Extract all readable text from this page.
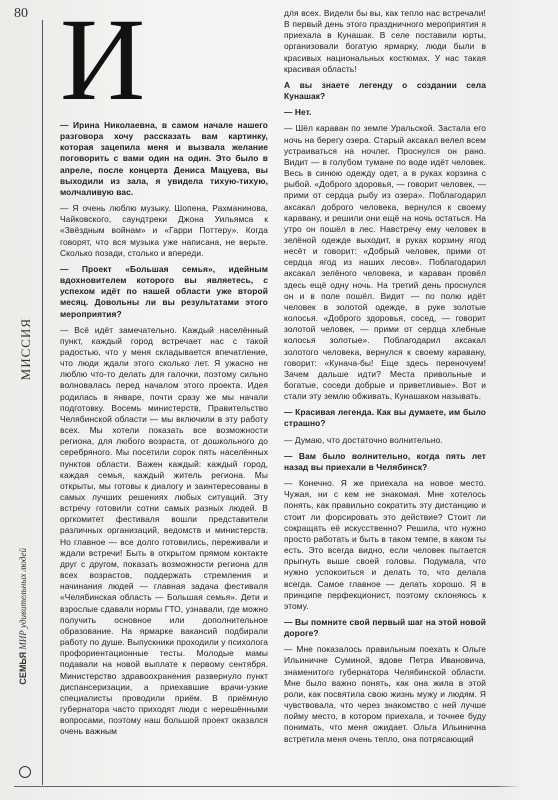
80
МИССИЯ
СЕМЬЯ МИР удивительных людей
И

— Ирина Николаевна, в самом начале нашего разговора хочу рассказать вам картинку, которая зацепила меня и вызвала желание поговорить с вами один на один. Это было в апреле, после концерта Дениса Мацуева, вы выходили из зала, я увидела тихую-тихую, молчаливую вас.

— Я очень люблю музыку. Шопена, Рахманинова, Чайковского, саундтреки Джона Уильямса к «Звёздным войнам» и «Гарри Поттеру». Когда говорят, что вся музыка уже написана, не верьте. Сколько позади, столько и впереди.

— Проект «Большая семья», идейным вдохновителем которого вы являетесь, с успехом идёт по нашей области уже второй месяц. Довольны ли вы результатами этого мероприятия?

— Всё идёт замечательно. Каждый населённый пункт, каждый город встречает нас с такой радостью, что у меня складывается впечатление, что люди ждали этого сколько лет. Я ужасно не люблю что-то делать для галочки, поэтому сильно волновалась перед началом этого проекта. Идея родилась в январе, почти сразу же мы начали подготовку. Восемь министерств, Правительство Челябинской области — мы включили в эту работу всех. Мы хотели показать все возможности региона, для любого возраста, от дошкольного до серебряного. Мы посетили сорок пять населённых пунктов области. Важен каждый: каждый город, каждая семья, каждый житель региона. Мы открыты, мы готовы к диалогу и заинтересованы в самых лучших решениях любых ситуаций. Эту встречу готовили сотни самых разных людей. В оргкомитет фестиваля вошли представители различных организаций, ведомств и министерств. Но главное — все долго готовились, переживали и ждали встречи! Быть в открытом прямом контакте друг с другом, показать возможности региона для всех возрастов, поддержать стремления и начинания людей — главная задача фестиваля «Челябинская область — Большая семья». Дети и взрослые сдавали нормы ГТО, узнавали, где можно получить основное или дополнительное образование. На ярмарке вакансий подбирали работу по душе. Выпускники проходили у психолога профориентационные тесты. Молодые мамы подавали на новой выплате к первому сентября. Министерство здравоохранения развернуло пункт диспансеризации, а приехавшие врачи-узкие специалисты проводили приём. В приёмную губернатора часто приходят люди с нерешёнными вопросами, поэтому наш большой проект оказался очень важным

для всех. Видели бы вы, как тепло нас встречали! В первый день этого праздничного мероприятия я приехала в Кунашак. В селе поставили юрты, организовали богатую ярмарку, люди были в красивых национальных костюмах. У нас такая красивая область!

А вы знаете легенду о создании села Кунашак?

— Нет.

— Шёл караван по земле Уральской. Застала его ночь на берегу озера. Старый аксакал велел всем устраиваться на ночлег. Проснулся он рано. Видит — в голубом тумане по воде идёт человек. Весь в синюю одежду одет, а в руках корзина с рыбой. «Доброго здоровья, — говорит человек, — прими от сердца рыбу из озера». Поблагодарил аксакал доброго человека, вернулся к своему каравану, и решили они ещё на ночь остаться. На утро он пошёл в лес. Навстречу ему человек в зелёной одежде выходит, в руках корзину ягод несёт и говорит: «Добрый человек, прими от сердца ягод из наших лесов». Поблагодарил аксакал зелёного человека, и караван провёл здесь ещё одну ночь. На третий день проснулся он и в поле пошёл. Видит — по полю идёт человек в золотой одежде, в руке золотые колосья. «Доброго здоровья, сосед, — говорит золотой человек, — прими от сердца хлебные колосья золотые». Поблагодарил аксакал золотого человека, вернулся к своему каравану, говорит: «Кунача-бы! Еще здесь переночуем! Зачем дальше идти? Места привольные и богатые, соседи добрые и приветливые». Вот и стали эту землю обживать, Кунашаком называть.

— Красивая легенда. Как вы думаете, им было страшно?

— Думаю, что достаточно волнительно.

— Вам было волнительно, когда пять лет назад вы приехали в Челябинск?

— Конечно. Я же приехала на новое место. Чужая, ни с кем не знакомая. Мне хотелось понять, как правильно сократить эту дистанцию и стоит ли форсировать это действие? Стоит ли сокращать её искусственно? Решила, что нужно просто работать и быть в таком темпе, в каком ты есть. Это всегда видно, если человек пытается прыгнуть выше своей головы. Подумала, что нужно успокоиться и делать то, что делала всегда. Самое главное — делать хорошо. Я в принципе перфекционист, поэтому склоняюсь к этому.

— Вы помните свой первый шаг на этой новой дороге?

— Мне показалось правильным поехать к Ольге Ильиничне Суминой, вдове Петра Ивановича, знаменитого губернатора Челябинской области. Мне было важно понять, как она жила в этой роли, как посвятила свою жизнь мужу и людям. Я чувствовала, что через знакомство с ней лучше пойму место, в котором приехала, и точнее буду понимать, что меня ожидает. Ольга Ильинична встретила меня очень тепло, она потрясающий
